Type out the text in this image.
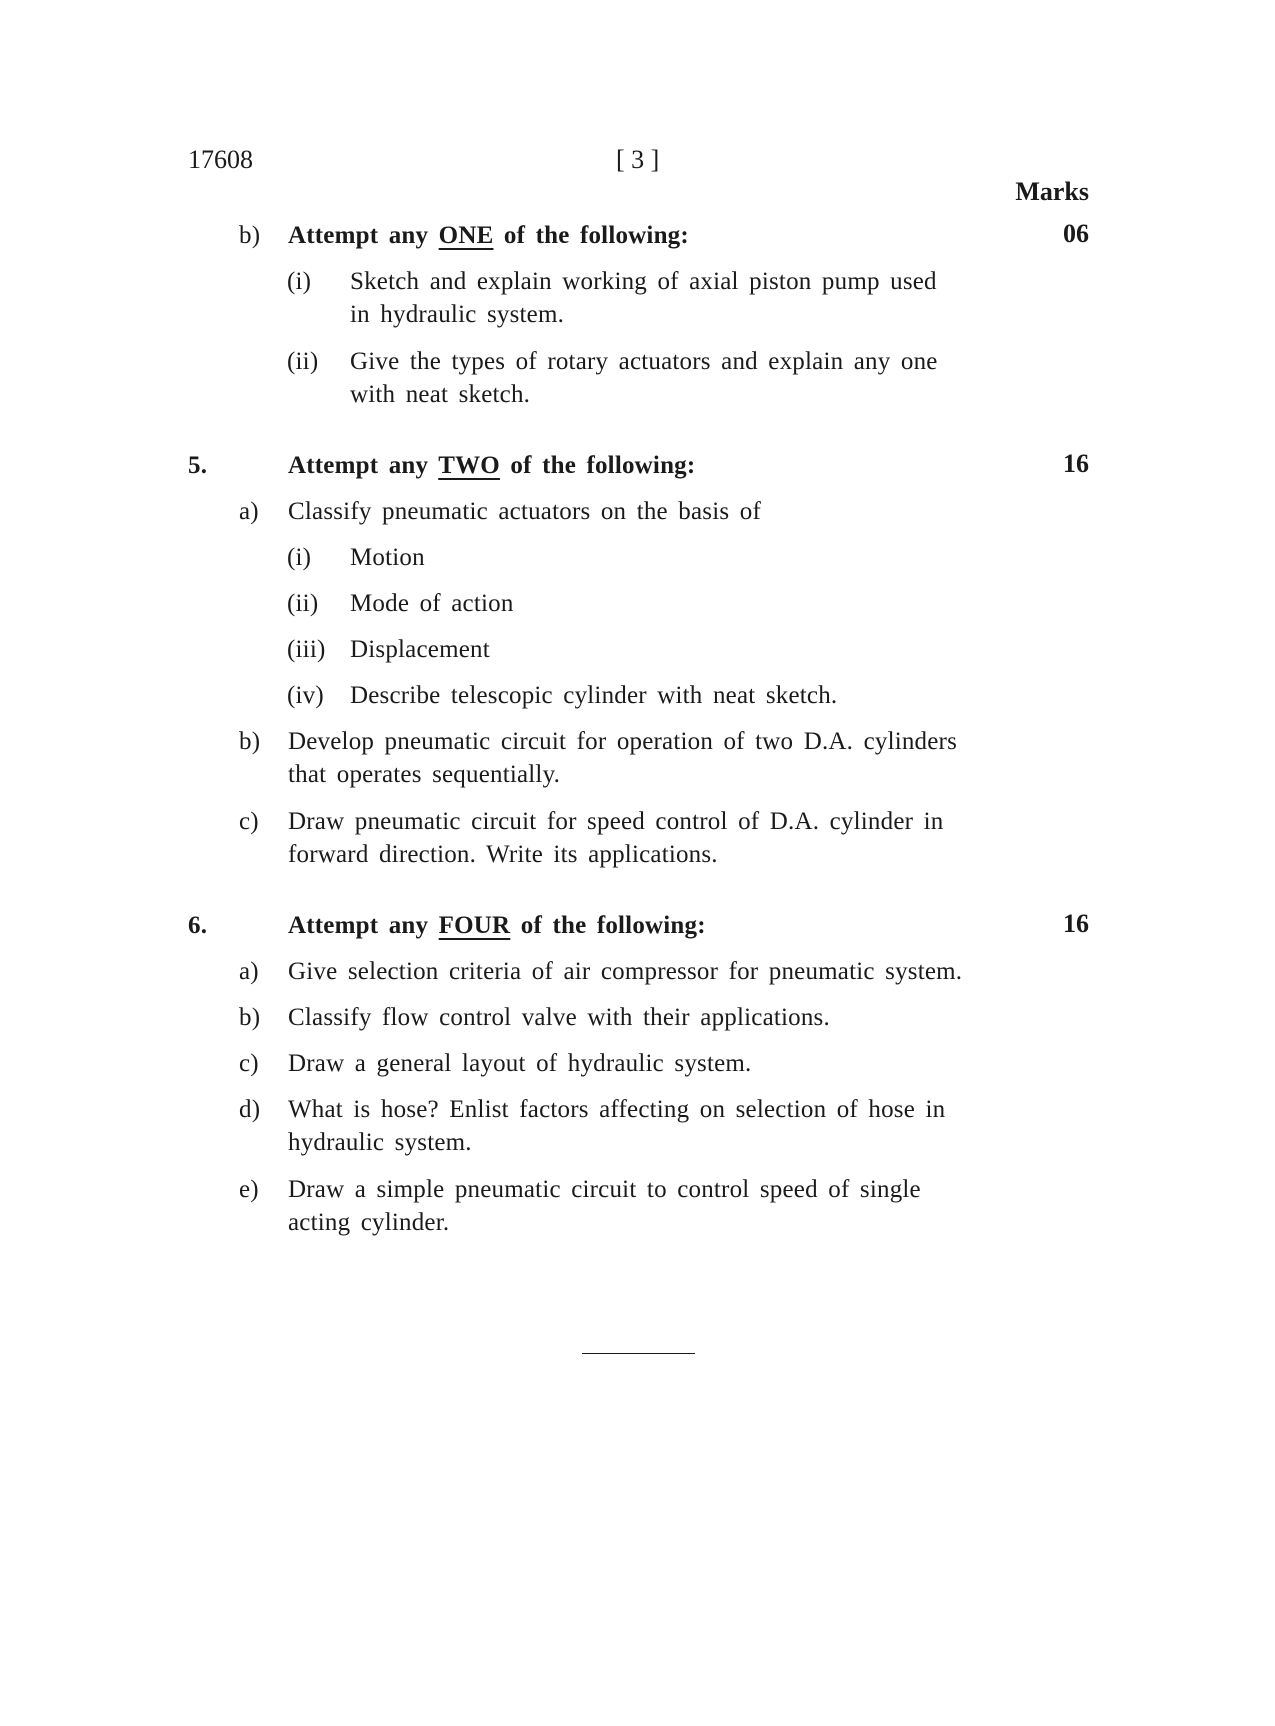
17608	[ 3 ]
Marks
b) Attempt any ONE of the following:	06
(i) Sketch and explain working of axial piston pump used
in hydraulic system.
(ii) Give the types of rotary actuators and explain any one
with neat sketch.
5.	Attempt any TWO of the following:	16
a) Classify pneumatic actuators on the basis of
(i) Motion
(ii) Mode of action
(iii) Displacement
(iv) Describe telescopic cylinder with neat sketch.
b) Develop pneumatic circuit for operation of two D.A. cylinders
that operates sequentially.
c) Draw pneumatic circuit for speed control of D.A. cylinder in
forward direction. Write its applications.
6.	Attempt any FOUR of the following:	16
a) Give selection criteria of air compressor for pneumatic system.
b) Classify flow control valve with their applications.
c) Draw a general layout of hydraulic system.
d) What is hose? Enlist factors affecting on selection of hose in
hydraulic system.
e) Draw a simple pneumatic circuit to control speed of single
acting cylinder.
